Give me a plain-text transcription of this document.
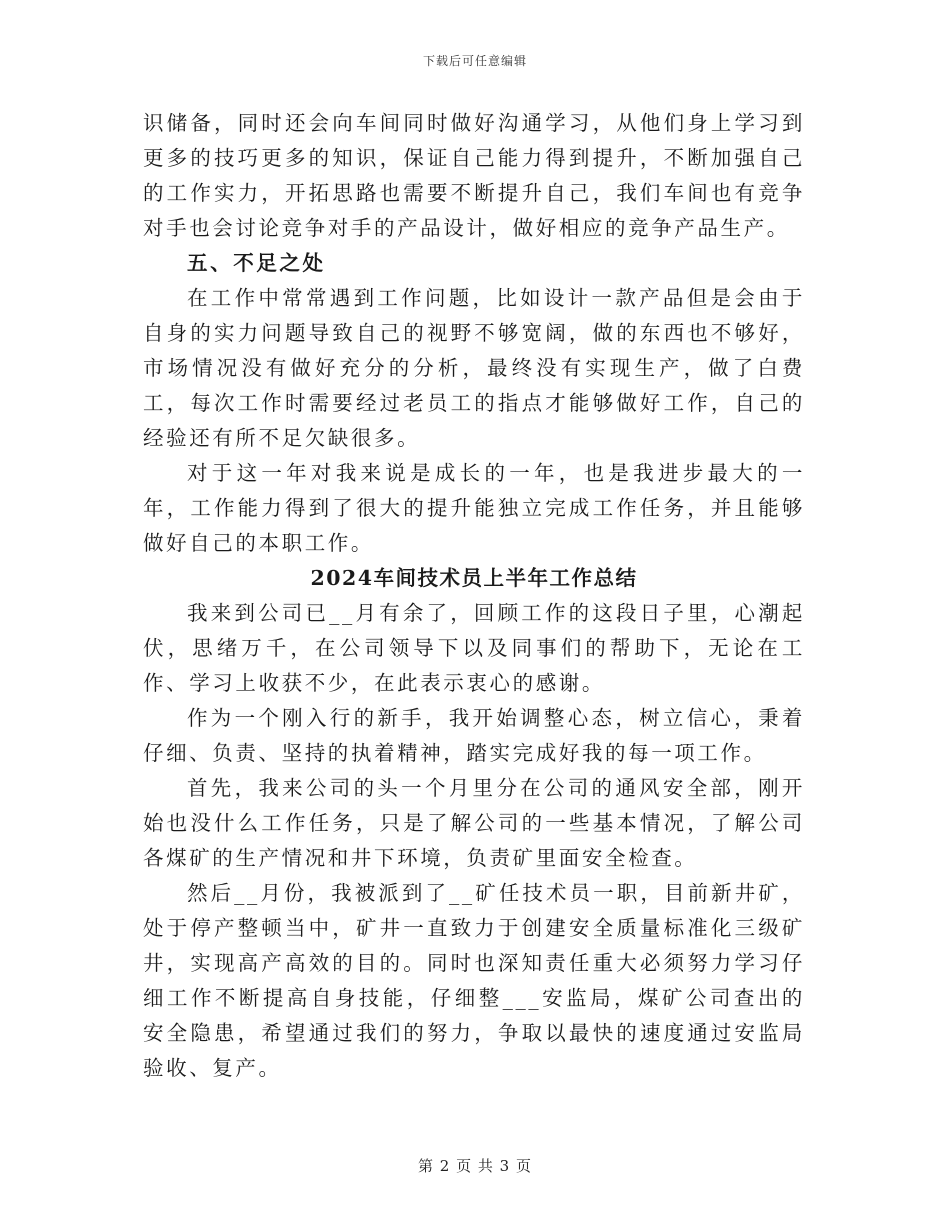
下载后可任意编辑

识储备，同时还会向车间同时做好沟通学习，从他们身上学习到更多的技巧更多的知识，保证自己能力得到提升，不断加强自己的工作实力，开拓思路也需要不断提升自己，我们车间也有竞争对手也会讨论竞争对手的产品设计，做好相应的竞争产品生产。

五、不足之处

在工作中常常遇到工作问题，比如设计一款产品但是会由于自身的实力问题导致自己的视野不够宽阔，做的东西也不够好，市场情况没有做好充分的分析，最终没有实现生产，做了白费工，每次工作时需要经过老员工的指点才能够做好工作，自己的经验还有所不足欠缺很多。

对于这一年对我来说是成长的一年，也是我进步最大的一年，工作能力得到了很大的提升能独立完成工作任务，并且能够做好自己的本职工作。

2024车间技术员上半年工作总结

我来到公司已__月有余了，回顾工作的这段日子里，心潮起伏，思绪万千，在公司领导下以及同事们的帮助下，无论在工作、学习上收获不少，在此表示衷心的感谢。

作为一个刚入行的新手，我开始调整心态，树立信心，秉着仔细、负责、坚持的执着精神，踏实完成好我的每一项工作。

首先，我来公司的头一个月里分在公司的通风安全部，刚开始也没什么工作任务，只是了解公司的一些基本情况，了解公司各煤矿的生产情况和井下环境，负责矿里面安全检查。

然后__月份，我被派到了__矿任技术员一职，目前新井矿，处于停产整顿当中，矿井一直致力于创建安全质量标准化三级矿井，实现高产高效的目的。同时也深知责任重大必须努力学习仔细工作不断提高自身技能，仔细整___安监局，煤矿公司查出的安全隐患，希望通过我们的努力，争取以最快的速度通过安监局验收、复产。

第 2 页 共 3 页
